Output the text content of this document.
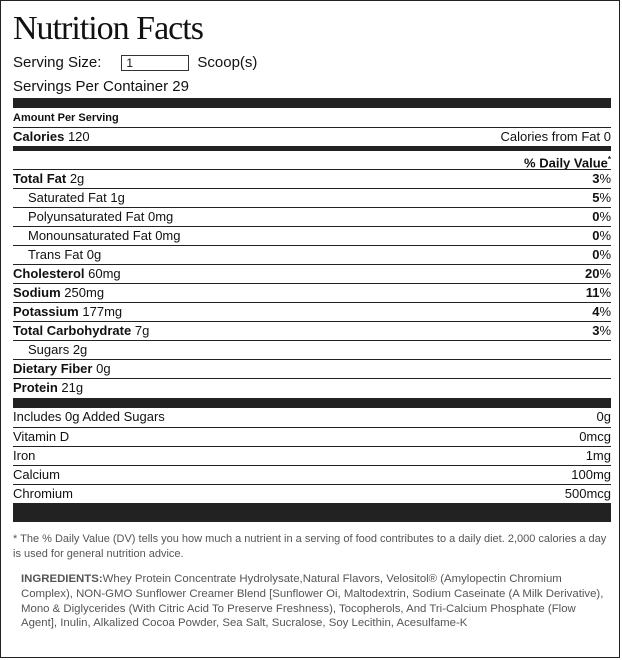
Nutrition Facts
Serving Size:	1	Scoop(s)
Servings Per Container 29
Amount Per Serving
Calories 120	Calories from Fat 0
% Daily Value*
Total Fat 2g	3%
Saturated Fat 1g	5%
Polyunsaturated Fat 0mg	0%
Monounsaturated Fat 0mg	0%
Trans Fat 0g	0%
Cholesterol 60mg	20%
Sodium 250mg	11%
Potassium 177mg	4%
Total Carbohydrate 7g	3%
Sugars 2g
Dietary Fiber 0g
Protein 21g
Includes 0g Added Sugars	0g
Vitamin D	0mcg
Iron	1mg
Calcium	100mg
Chromium	500mcg
* The % Daily Value (DV) tells you how much a nutrient in a serving of food contributes to a daily diet. 2,000 calories a day is used for general nutrition advice.
INGREDIENTS:Whey Protein Concentrate Hydrolysate,Natural Flavors, Velositol® (Amylopectin Chromium Complex), NON-GMO Sunflower Creamer Blend [Sunflower Oi, Maltodextrin, Sodium Caseinate (A Milk Derivative), Mono & Diglycerides (With Citric Acid To Preserve Freshness), Tocopherols, And Tri-Calcium Phosphate (Flow Agent], Inulin, Alkalized Cocoa Powder, Sea Salt, Sucralose, Soy Lecithin, Acesulfame-K
